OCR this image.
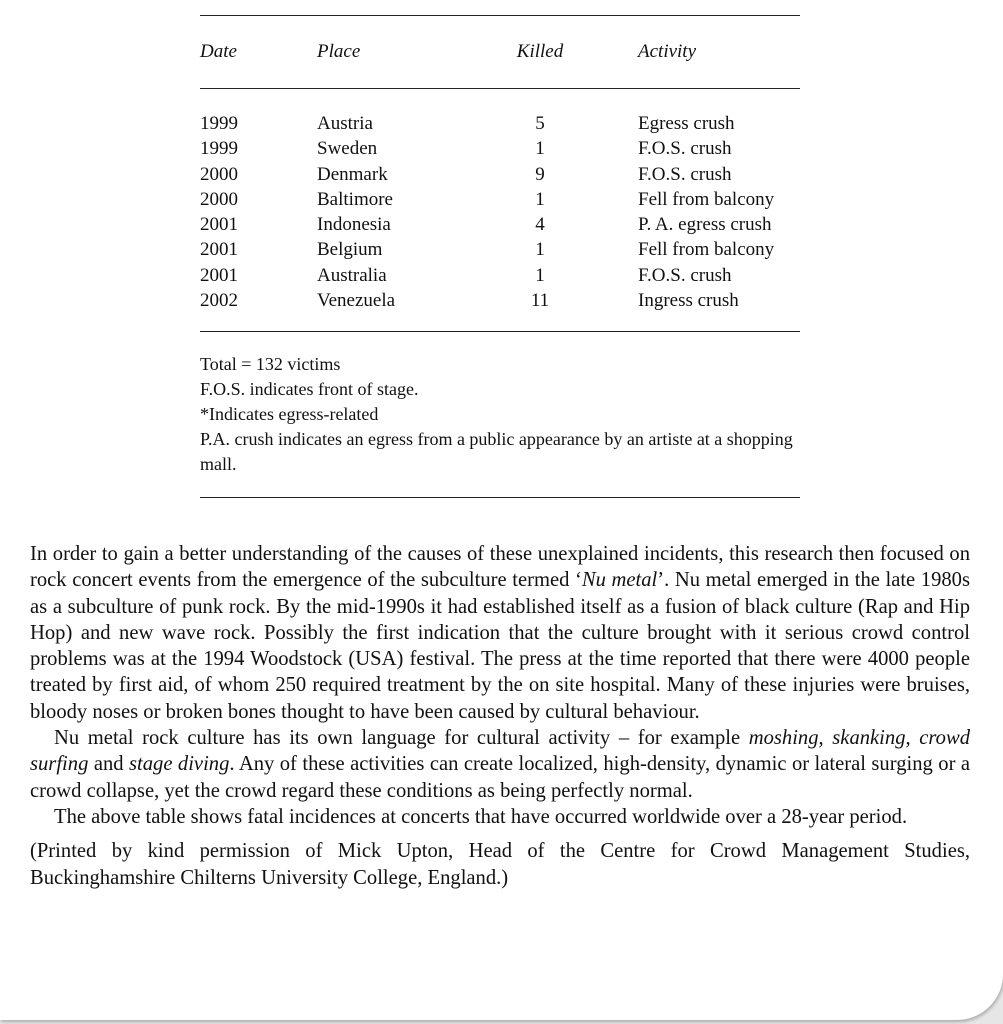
Date	Place	Killed	Activity
1999	Austria	5	Egress crush
1999	Sweden	1	F.O.S. crush
2000	Denmark	9	F.O.S. crush
2000	Baltimore	1	Fell from balcony
2001	Indonesia	4	P. A. egress crush
2001	Belgium	1	Fell from balcony
2001	Australia	1	F.O.S. crush
2002	Venezuela	11	Ingress crush
Total = 132 victims
F.O.S. indicates front of stage.
*Indicates egress-related
P.A. crush indicates an egress from a public appearance by an artiste at a shopping mall.

In order to gain a better understanding of the causes of these unexplained incidents, this research then focused on rock concert events from the emergence of the subculture termed ‘Nu metal’. Nu metal emerged in the late 1980s as a subculture of punk rock. By the mid-1990s it had established itself as a fusion of black culture (Rap and Hip Hop) and new wave rock. Possibly the first indication that the culture brought with it serious crowd control problems was at the 1994 Woodstock (USA) festival. The press at the time reported that there were 4000 people treated by first aid, of whom 250 required treatment by the on site hospital. Many of these injuries were bruises, bloody noses or broken bones thought to have been caused by cultural behaviour.

Nu metal rock culture has its own language for cultural activity – for example moshing, skanking, crowd surfing and stage diving. Any of these activities can create localized, high-density, dynamic or lateral surging or a crowd collapse, yet the crowd regard these conditions as being perfectly normal.

The above table shows fatal incidences at concerts that have occurred worldwide over a 28-year period.

(Printed by kind permission of Mick Upton, Head of the Centre for Crowd Management Studies, Buckinghamshire Chilterns University College, England.)
